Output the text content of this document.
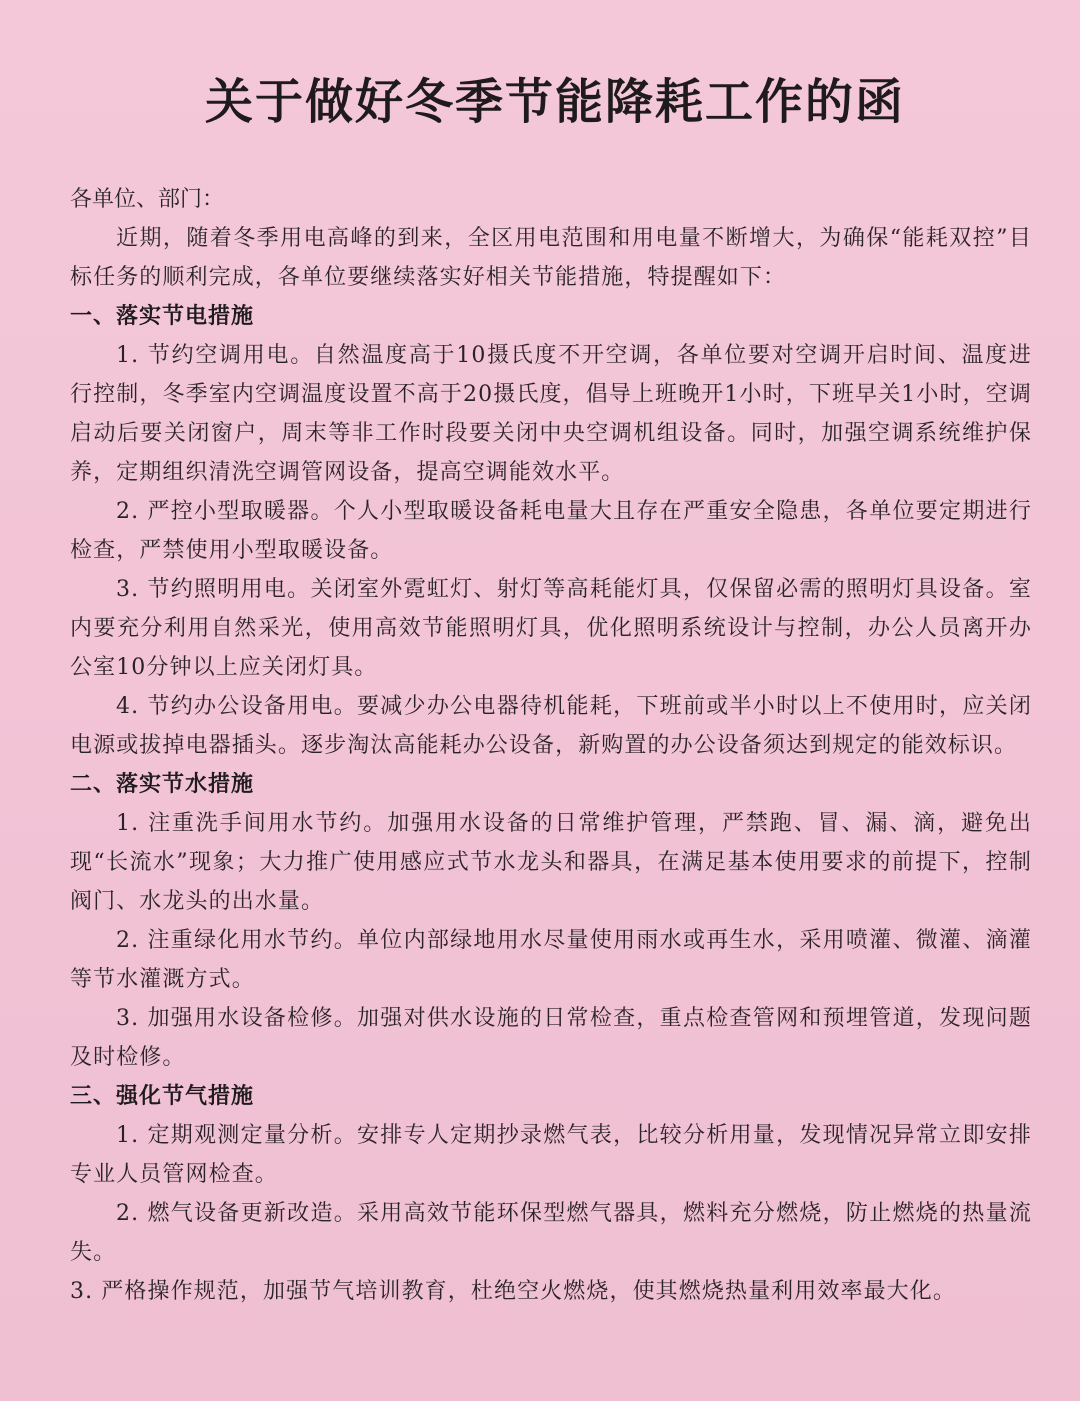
关于做好冬季节能降耗工作的函

各单位、部门：

近期，随着冬季用电高峰的到来，全区用电范围和用电量不断增大，为确保“能耗双控”目标任务的顺利完成，各单位要继续落实好相关节能措施，特提醒如下：

一、落实节电措施

1. 节约空调用电。自然温度高于10摄氏度不开空调，各单位要对空调开启时间、温度进行控制，冬季室内空调温度设置不高于20摄氏度，倡导上班晚开1小时，下班早关1小时，空调启动后要关闭窗户，周末等非工作时段要关闭中央空调机组设备。同时，加强空调系统维护保养，定期组织清洗空调管网设备，提高空调能效水平。

2. 严控小型取暖器。个人小型取暖设备耗电量大且存在严重安全隐患，各单位要定期进行检查，严禁使用小型取暖设备。

3. 节约照明用电。关闭室外霓虹灯、射灯等高耗能灯具，仅保留必需的照明灯具设备。室内要充分利用自然采光，使用高效节能照明灯具，优化照明系统设计与控制，办公人员离开办公室10分钟以上应关闭灯具。

4. 节约办公设备用电。要减少办公电器待机能耗，下班前或半小时以上不使用时，应关闭电源或拔掉电器插头。逐步淘汰高能耗办公设备，新购置的办公设备须达到规定的能效标识。

二、落实节水措施

1. 注重洗手间用水节约。加强用水设备的日常维护管理，严禁跑、冒、漏、滴，避免出现“长流水”现象；大力推广使用感应式节水龙头和器具，在满足基本使用要求的前提下，控制阀门、水龙头的出水量。

2. 注重绿化用水节约。单位内部绿地用水尽量使用雨水或再生水，采用喷灌、微灌、滴灌等节水灌溉方式。

3. 加强用水设备检修。加强对供水设施的日常检查，重点检查管网和预埋管道，发现问题及时检修。

三、强化节气措施

1. 定期观测定量分析。安排专人定期抄录燃气表，比较分析用量，发现情况异常立即安排专业人员管网检查。

2. 燃气设备更新改造。采用高效节能环保型燃气器具，燃料充分燃烧，防止燃烧的热量流失。

3. 严格操作规范，加强节气培训教育，杜绝空火燃烧，使其燃烧热量利用效率最大化。
